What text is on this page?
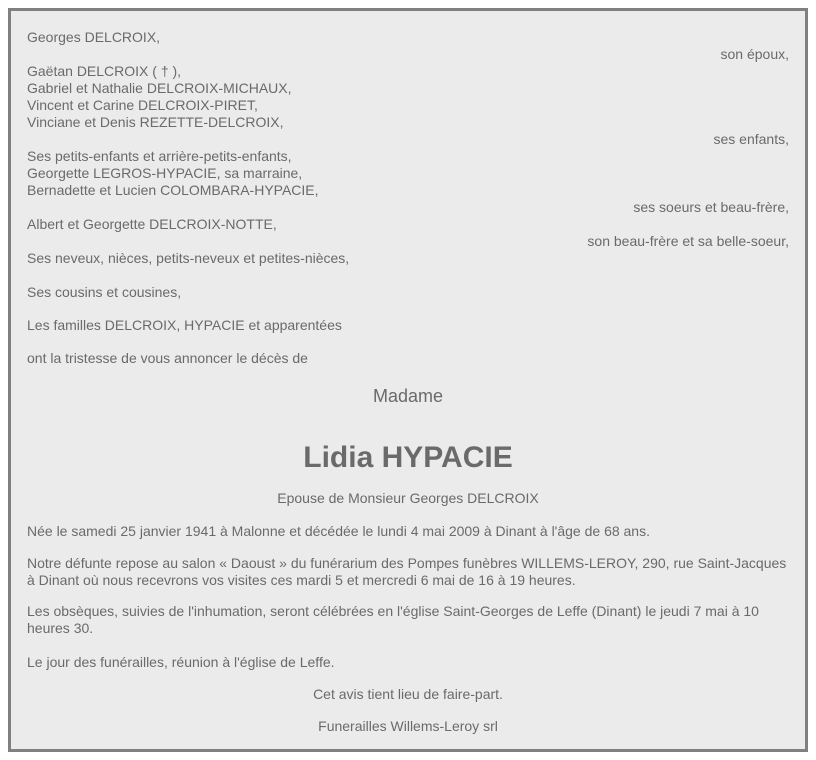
Georges DELCROIX,
son époux,
Gaëtan DELCROIX ( † ),
Gabriel et Nathalie DELCROIX-MICHAUX,
Vincent et Carine DELCROIX-PIRET,
Vinciane et Denis REZETTE-DELCROIX,
ses enfants,
Ses petits-enfants et arrière-petits-enfants,
Georgette LEGROS-HYPACIE, sa marraine,
Bernadette et Lucien COLOMBARA-HYPACIE,
ses soeurs et beau-frère,
Albert et Georgette DELCROIX-NOTTE,
son beau-frère et sa belle-soeur,
Ses neveux, nièces, petits-neveux et petites-nièces,
Ses cousins et cousines,
Les familles DELCROIX, HYPACIE et apparentées
ont la tristesse de vous annoncer le décès de
Madame
Lidia HYPACIE
Epouse de Monsieur Georges DELCROIX
Née le samedi 25 janvier 1941 à Malonne et décédée le lundi 4 mai 2009 à Dinant à l'âge de 68 ans.
Notre défunte repose au salon « Daoust » du funérarium des Pompes funèbres WILLEMS-LEROY, 290, rue Saint-Jacques à Dinant où nous recevrons vos visites ces mardi 5 et mercredi 6 mai de 16 à 19 heures.
Les obsèques, suivies de l'inhumation, seront célébrées en l'église Saint-Georges de Leffe (Dinant) le jeudi 7 mai à 10 heures 30.
Le jour des funérailles, réunion à l'église de Leffe.
Cet avis tient lieu de faire-part.
Funerailles Willems-Leroy srl
